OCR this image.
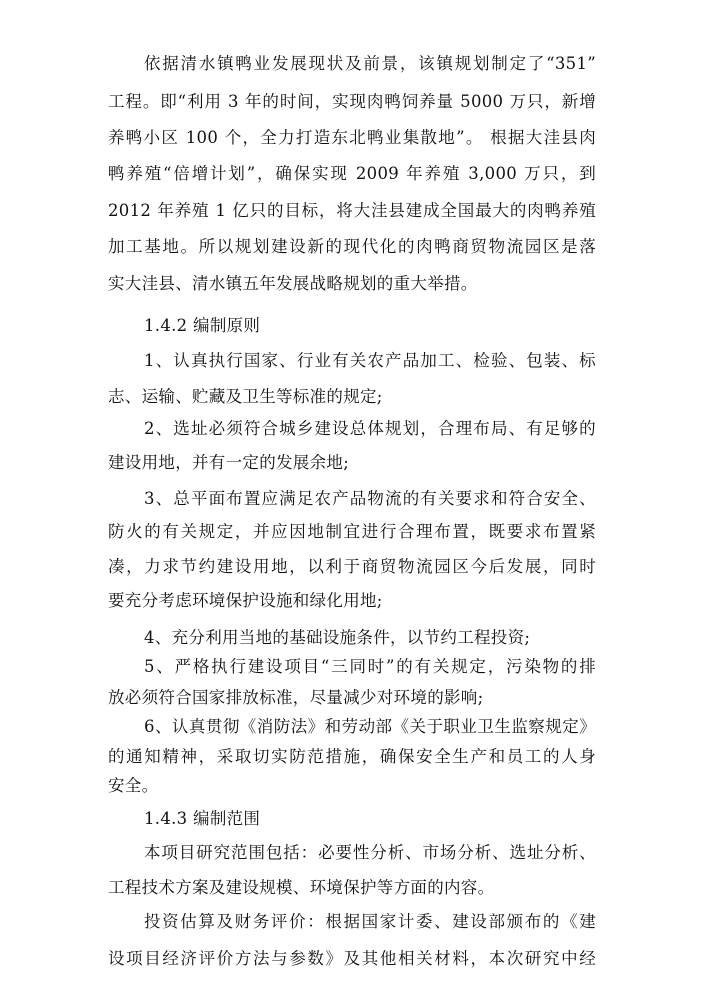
依据清水镇鸭业发展现状及前景，该镇规划制定了“351”
工程。即“利用 3 年的时间，实现肉鸭饲养量 5000 万只，新增
养鸭小区 100 个，全力打造东北鸭业集散地”。 根据大洼县肉
鸭养殖“倍增计划”，确保实现 2009 年养殖 3,000 万只，到
2012 年养殖 1 亿只的目标，将大洼县建成全国最大的肉鸭养殖
加工基地。所以规划建设新的现代化的肉鸭商贸物流园区是落
实大洼县、清水镇五年发展战略规划的重大举措。
1.4.2 编制原则
1、认真执行国家、行业有关农产品加工、检验、包装、标
志、运输、贮藏及卫生等标准的规定;
2、选址必须符合城乡建设总体规划，合理布局、有足够的
建设用地，并有一定的发展余地;
3、总平面布置应满足农产品物流的有关要求和符合安全、
防火的有关规定，并应因地制宜进行合理布置，既要求布置紧
凑，力求节约建设用地，以利于商贸物流园区今后发展，同时
要充分考虑环境保护设施和绿化用地;
4、充分利用当地的基础设施条件，以节约工程投资;
5、严格执行建设项目“三同时”的有关规定，污染物的排
放必须符合国家排放标准，尽量减少对环境的影响;
6、认真贯彻《消防法》和劳动部《关于职业卫生监察规定》
的通知精神，采取切实防范措施，确保安全生产和员工的人身
安全。
1.4.3 编制范围
本项目研究范围包括：必要性分析、市场分析、选址分析、
工程技术方案及建设规模、环境保护等方面的内容。
投资估算及财务评价：根据国家计委、建设部颁布的《建
设项目经济评价方法与参数》及其他相关材料，本次研究中经
